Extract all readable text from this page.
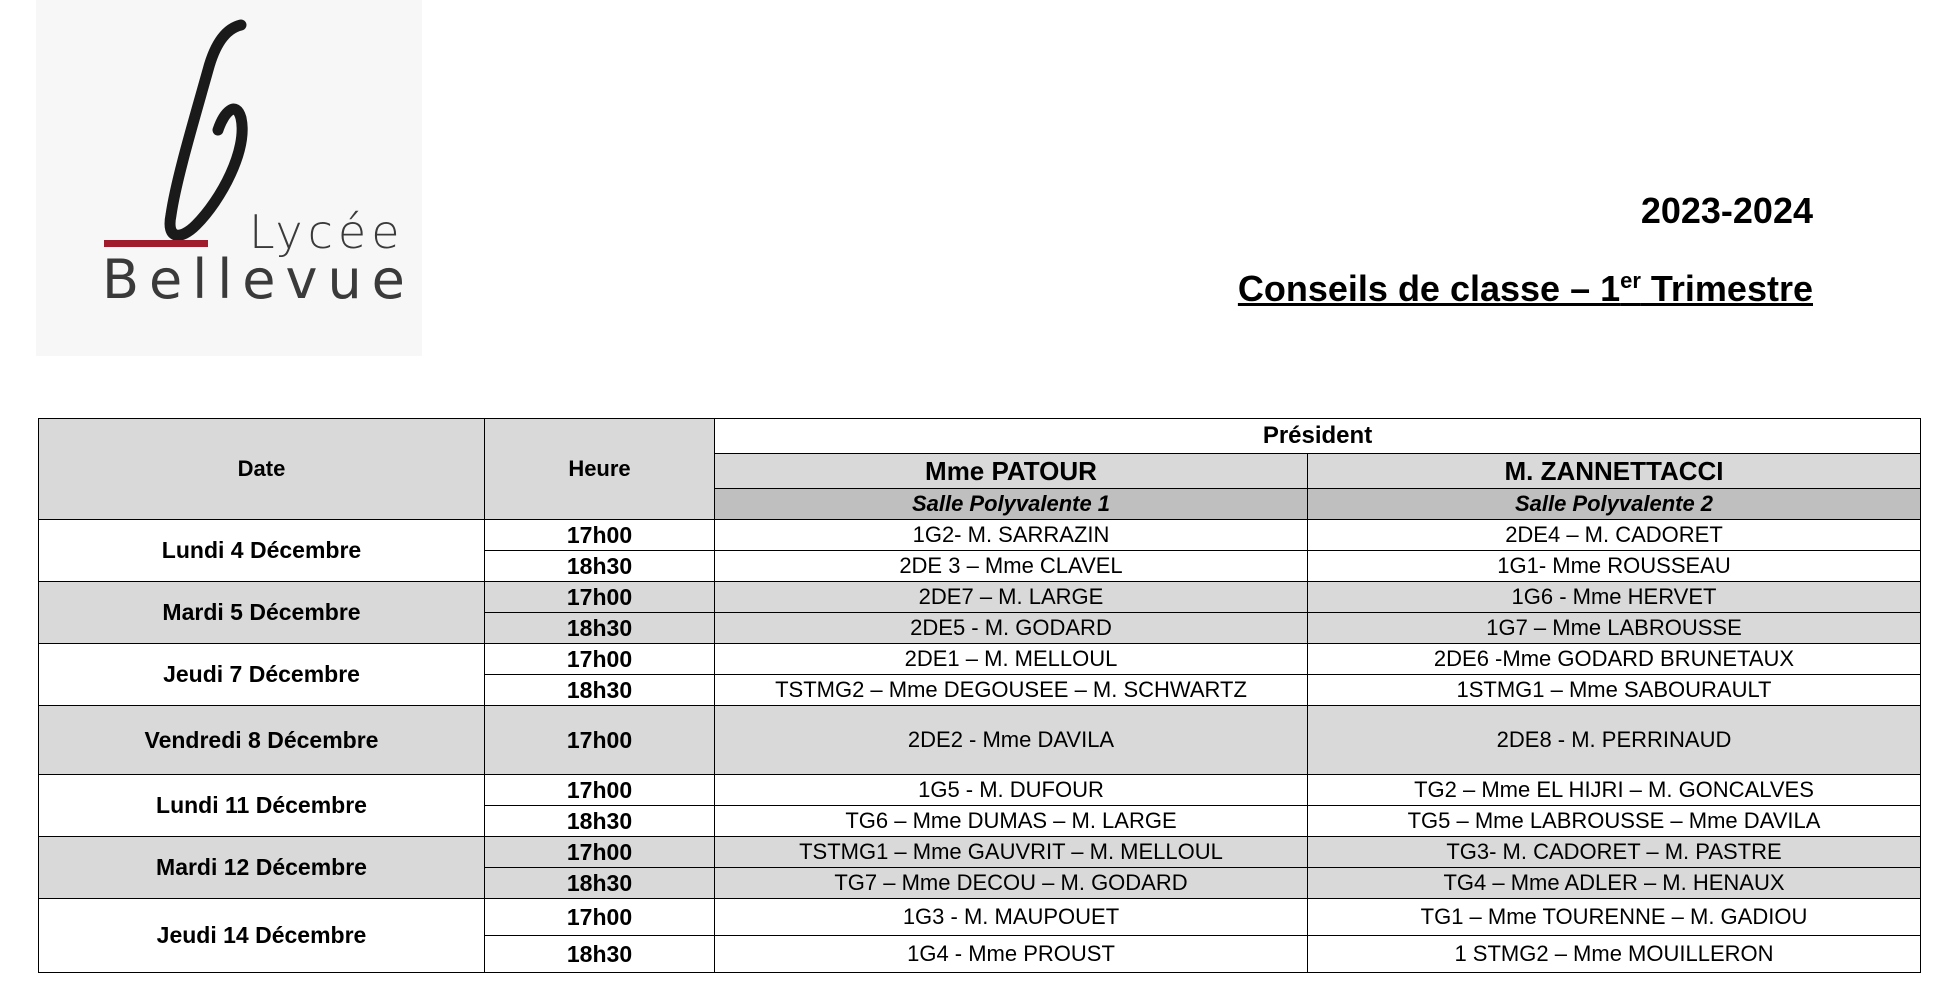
Lycée
Bellevue
2023-2024
Conseils de classe – 1er Trimestre
Date	Heure	Président	
		Mme PATOUR	M. ZANNETTACCI
		Salle Polyvalente 1	Salle Polyvalente 2
Lundi 4 Décembre	17h00	1G2- M. SARRAZIN	2DE4 – M. CADORET
	18h30	2DE 3 – Mme CLAVEL	1G1- Mme ROUSSEAU
Mardi 5 Décembre	17h00	2DE7 – M. LARGE	1G6 - Mme HERVET
	18h30	2DE5 - M. GODARD	1G7 – Mme LABROUSSE
Jeudi 7 Décembre	17h00	2DE1 – M. MELLOUL	2DE6 -Mme GODARD BRUNETAUX
	18h30	TSTMG2 – Mme DEGOUSEE – M. SCHWARTZ	1STMG1 – Mme SABOURAULT
Vendredi 8 Décembre	17h00	2DE2 - Mme DAVILA	2DE8 - M. PERRINAUD
Lundi 11 Décembre	17h00	1G5 - M. DUFOUR	TG2 – Mme EL HIJRI – M. GONCALVES
	18h30	TG6 – Mme DUMAS – M. LARGE	TG5 – Mme LABROUSSE – Mme DAVILA
Mardi 12 Décembre	17h00	TSTMG1 – Mme GAUVRIT – M. MELLOUL	TG3- M. CADORET – M. PASTRE
	18h30	TG7 – Mme DECOU – M. GODARD	TG4 – Mme ADLER – M. HENAUX
Jeudi 14 Décembre	17h00	1G3 - M. MAUPOUET	TG1 – Mme TOURENNE – M. GADIOU
	18h30	1G4 - Mme PROUST	1 STMG2 – Mme MOUILLERON
